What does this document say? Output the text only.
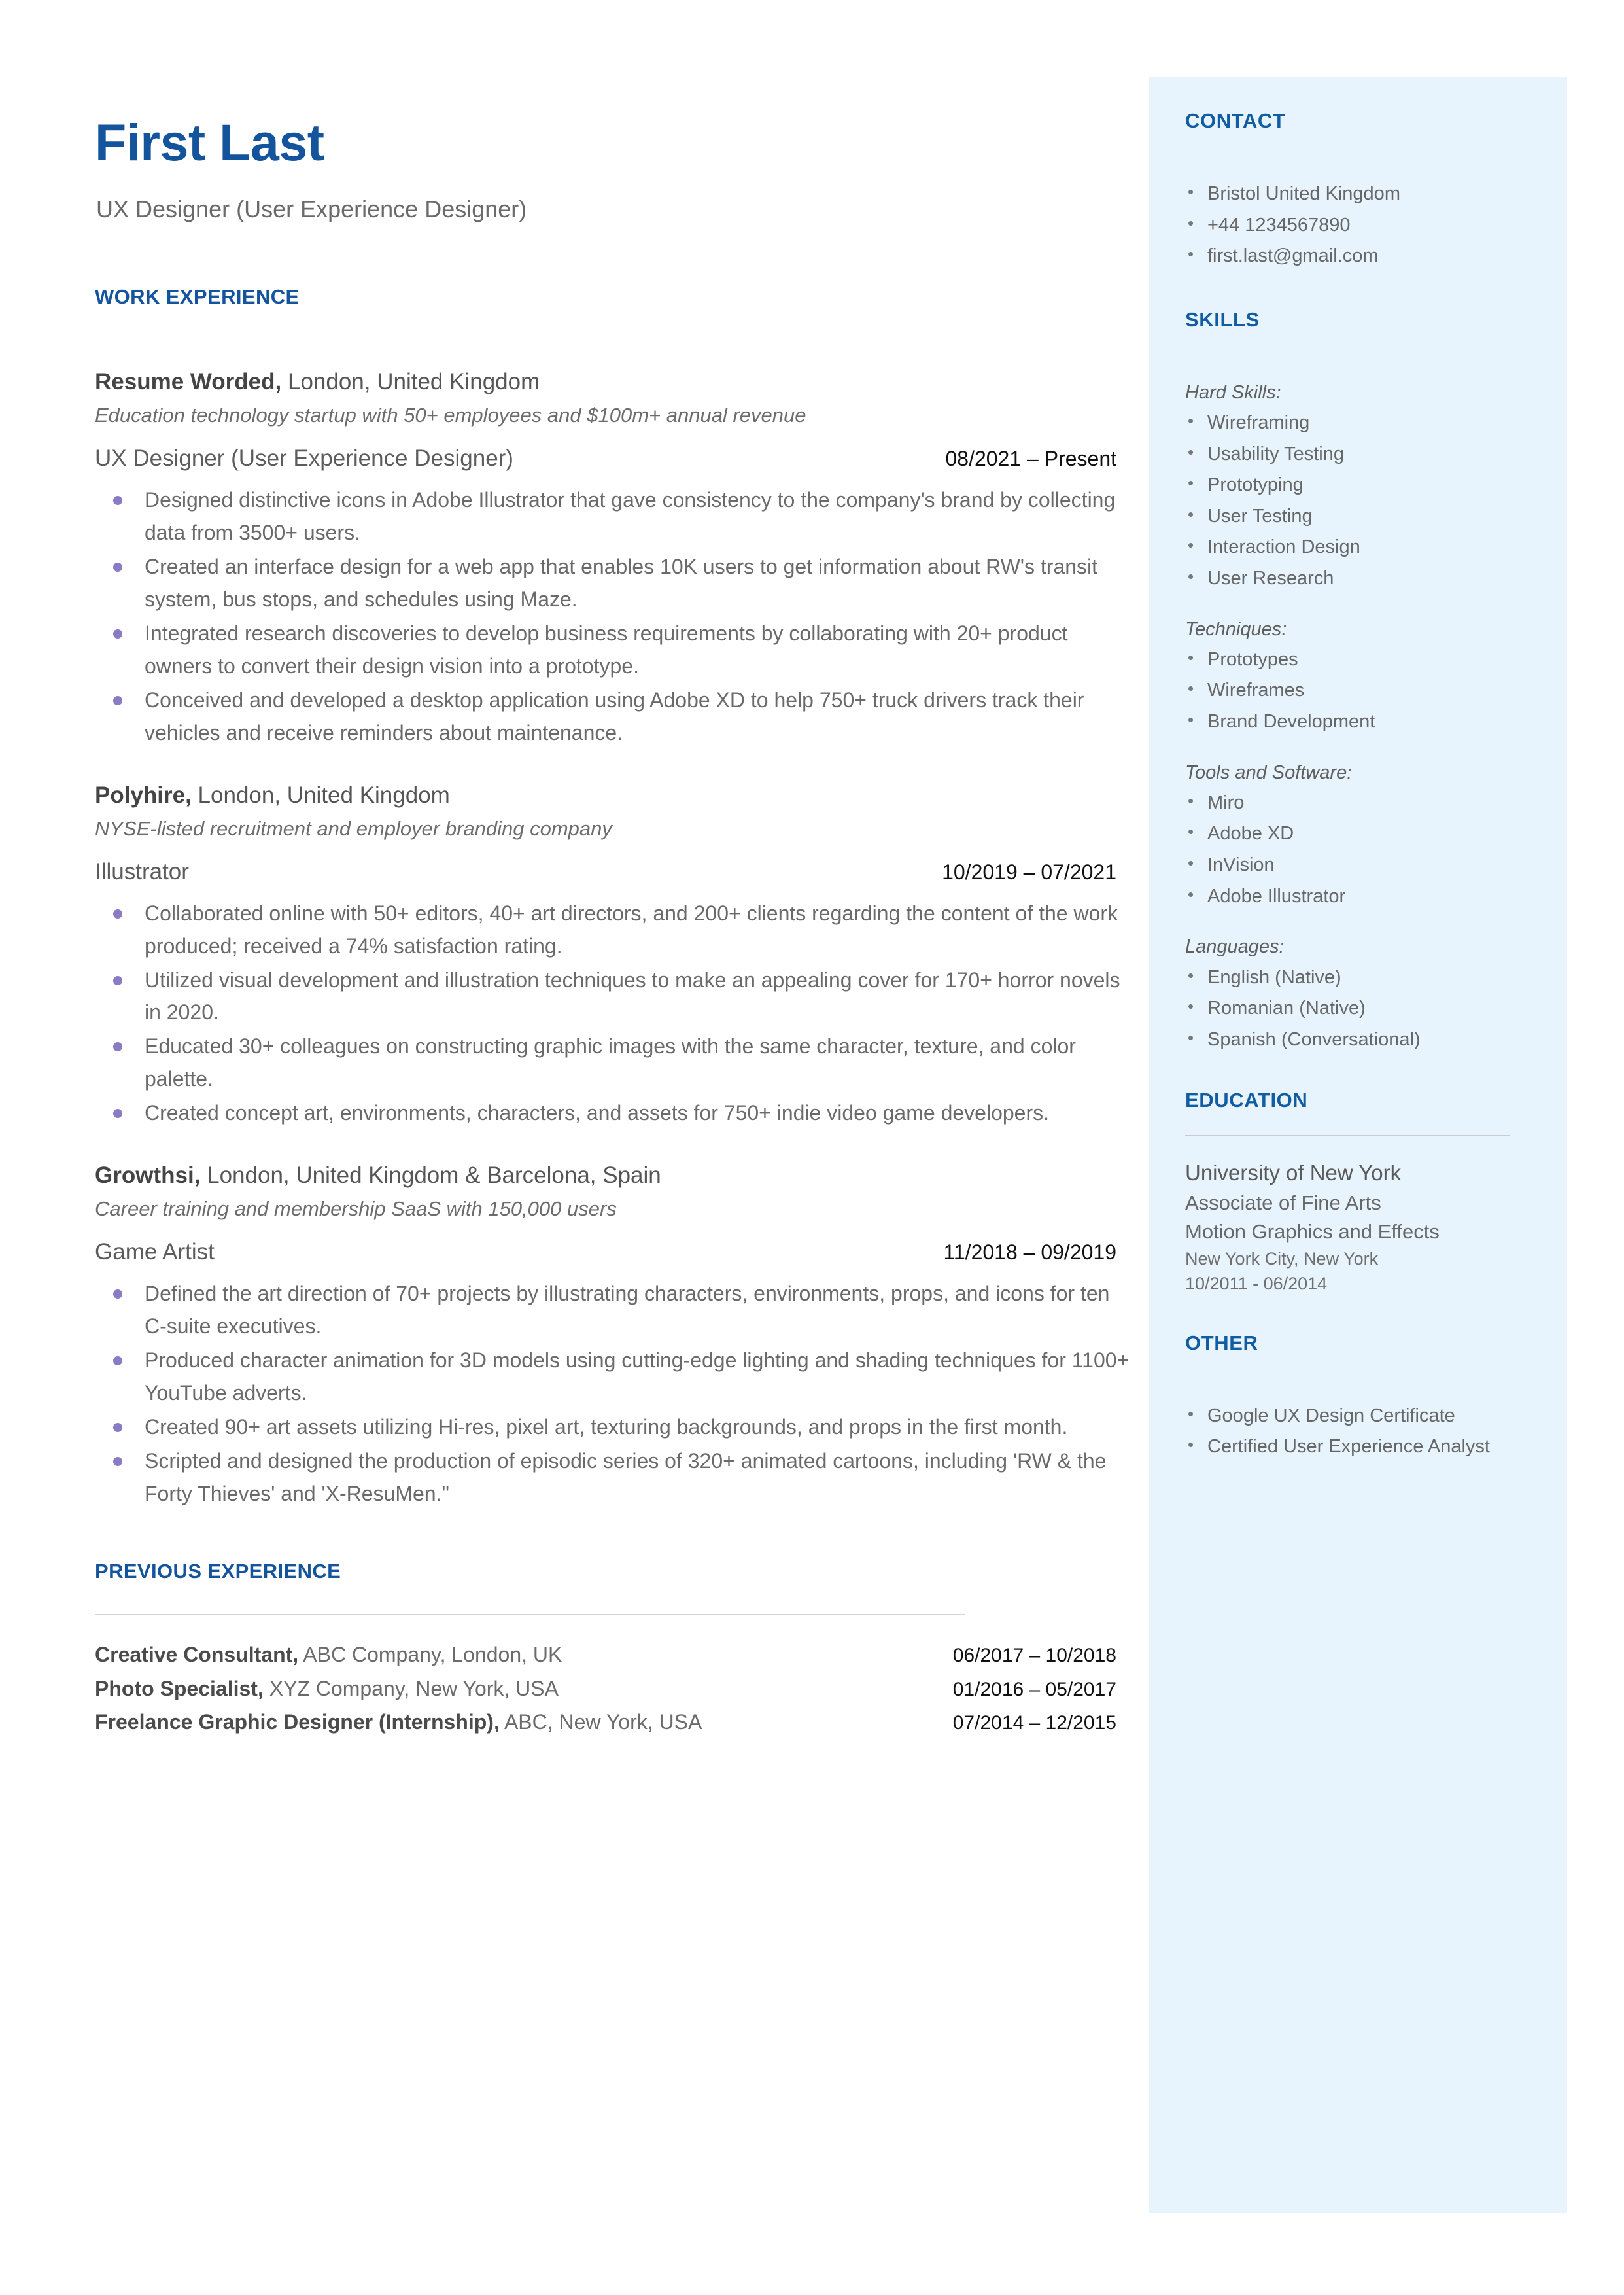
First Last
UX Designer (User Experience Designer)
WORK EXPERIENCE
Resume Worded, London, United Kingdom
Education technology startup with 50+ employees and $100m+ annual revenue
UX Designer (User Experience Designer)	08/2021 – Present
Designed distinctive icons in Adobe Illustrator that gave consistency to the company's brand by collecting data from 3500+ users.
Created an interface design for a web app that enables 10K users to get information about RW's transit system, bus stops, and schedules using Maze.
Integrated research discoveries to develop business requirements by collaborating with 20+ product owners to convert their design vision into a prototype.
Conceived and developed a desktop application using Adobe XD to help 750+ truck drivers track their vehicles and receive reminders about maintenance.
Polyhire, London, United Kingdom
NYSE-listed recruitment and employer branding company
Illustrator	10/2019 – 07/2021
Collaborated online with 50+ editors, 40+ art directors, and 200+ clients regarding the content of the work produced; received a 74% satisfaction rating.
Utilized visual development and illustration techniques to make an appealing cover for 170+ horror novels in 2020.
Educated 30+ colleagues on constructing graphic images with the same character, texture, and color palette.
Created concept art, environments, characters, and assets for 750+ indie video game developers.
Growthsi, London, United Kingdom & Barcelona, Spain
Career training and membership SaaS with 150,000 users
Game Artist	11/2018 – 09/2019
Defined the art direction of 70+ projects by illustrating characters, environments, props, and icons for ten C-suite executives.
Produced character animation for 3D models using cutting-edge lighting and shading techniques for 1100+ YouTube adverts.
Created 90+ art assets utilizing Hi-res, pixel art, texturing backgrounds, and props in the first month.
Scripted and designed the production of episodic series of 320+ animated cartoons, including 'RW & the Forty Thieves' and 'X-ResuMen."
PREVIOUS EXPERIENCE
Creative Consultant, ABC Company, London, UK	06/2017 – 10/2018
Photo Specialist, XYZ Company, New York, USA	01/2016 – 05/2017
Freelance Graphic Designer (Internship), ABC, New York, USA	07/2014 – 12/2015
CONTACT
• Bristol United Kingdom
• +44 1234567890
• first.last@gmail.com
SKILLS
Hard Skills:
• Wireframing
• Usability Testing
• Prototyping
• User Testing
• Interaction Design
• User Research
Techniques:
• Prototypes
• Wireframes
• Brand Development
Tools and Software:
• Miro
• Adobe XD
• InVision
• Adobe Illustrator
Languages:
• English (Native)
• Romanian (Native)
• Spanish (Conversational)
EDUCATION
University of New York
Associate of Fine Arts
Motion Graphics and Effects
New York City, New York
10/2011 - 06/2014
OTHER
• Google UX Design Certificate
• Certified User Experience Analyst
